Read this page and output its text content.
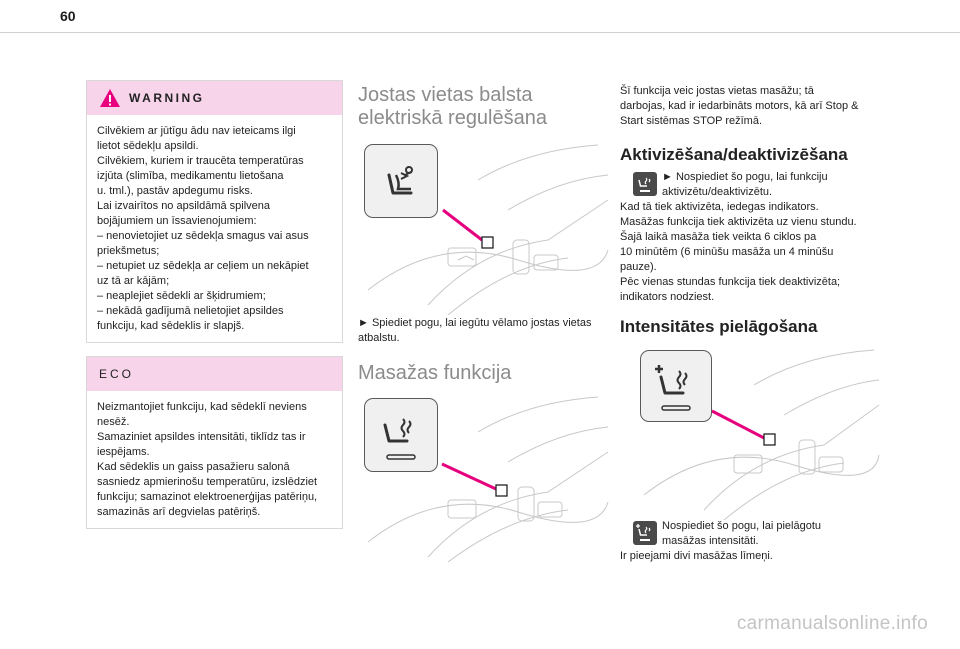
60
WARNING

Cilvēkiem ar jūtīgu ādu nav ieteicams ilgi

lietot sēdekļu apsildi.

Cilvēkiem, kuriem ir traucēta temperatūras

izjūta (slimība, medikamentu lietošana

u. tml.), pastāv apdegumu risks.

Lai izvairītos no apsildāmā spilvena

bojājumiem un īssavienojumiem:

– nenovietojiet uz sēdekļa smagus vai asus

priekšmetus;

– netupiet uz sēdekļa ar ceļiem un nekāpiet

uz tā ar kājām;

– neaplejiet sēdekli ar šķidrumiem;

– nekādā gadījumā nelietojiet apsildes

funkciju, kad sēdeklis ir slapjš.

ECO

Neizmantojiet funkciju, kad sēdeklī neviens

nesēž.

Samaziniet apsildes intensitāti, tiklīdz tas ir

iespējams.

Kad sēdeklis un gaiss pasažieru salonā

sasniedz apmierinošu temperatūru, izslēdziet

funkciju; samazinot elektroenerģijas patēriņu,

samazinās arī degvielas patēriņš.

Jostas vietas balsta
elektriskā regulēšana

► Spiediet pogu, lai iegūtu vēlamo jostas vietas

atbalstu.

Masažas funkcija

Šī funkcija veic jostas vietas masāžu; tā

darbojas, kad ir iedarbināts motors, kā arī Stop &

Start sistēmas STOP režīmā.

Aktivizēšana/deaktivizēšana

► Nospiediet šo pogu, lai funkciju

aktivizētu/deaktivizētu.

Kad tā tiek aktivizēta, iedegas indikators.

Masāžas funkcija tiek aktivizēta uz vienu stundu.

Šajā laikā masāža tiek veikta 6 ciklos pa

10 minūtēm (6 minūšu masāža un 4 minūšu

pauze).

Pēc vienas stundas funkcija tiek deaktivizēta;

indikators nodziest.

Intensitātes pielāgošana

Nospiediet šo pogu, lai pielāgotu

masāžas intensitāti.

Ir pieejami divi masāžas līmeņi.

carmanualsonline.info
